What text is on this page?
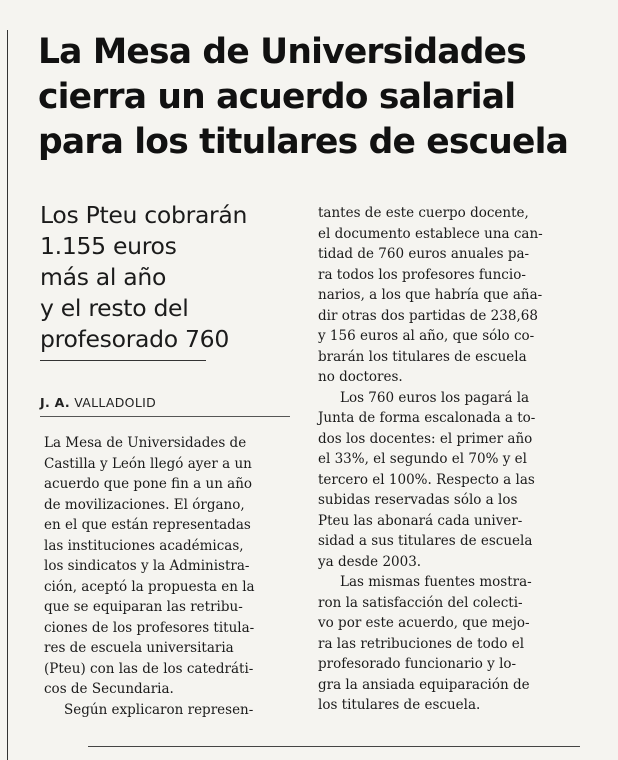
La Mesa de Universidades
cierra un acuerdo salarial
para los titulares de escuela
Los Pteu cobrarán
1.155 euros
más al año
y el resto del
profesorado 760
J. A. VALLADOLID

La Mesa de Universidades de
Castilla y León llegó ayer a un
acuerdo que pone fin a un año
de movilizaciones. El órgano,
en el que están representadas
las instituciones académicas,
los sindicatos y la Administra-
ción, aceptó la propuesta en la
que se equiparan las retribu-
ciones de los profesores titula-
res de escuela universitaria
(Pteu) con las de los catedráti-
cos de Secundaria.
Según explicaron represen-

tantes de este cuerpo docente,
el documento establece una can-
tidad de 760 euros anuales pa-
ra todos los profesores funcio-
narios, a los que habría que aña-
dir otras dos partidas de 238,68
y 156 euros al año, que sólo co-
brarán los titulares de escuela
no doctores.

Los 760 euros los pagará la
Junta de forma escalonada a to-
dos los docentes: el primer año
el 33%, el segundo el 70% y el
tercero el 100%. Respecto a las
subidas reservadas sólo a los
Pteu las abonará cada univer-
sidad a sus titulares de escuela
ya desde 2003.

Las mismas fuentes mostra-
ron la satisfacción del colecti-
vo por este acuerdo, que mejo-
ra las retribuciones de todo el
profesorado funcionario y lo-
gra la ansiada equiparación de
los titulares de escuela.
